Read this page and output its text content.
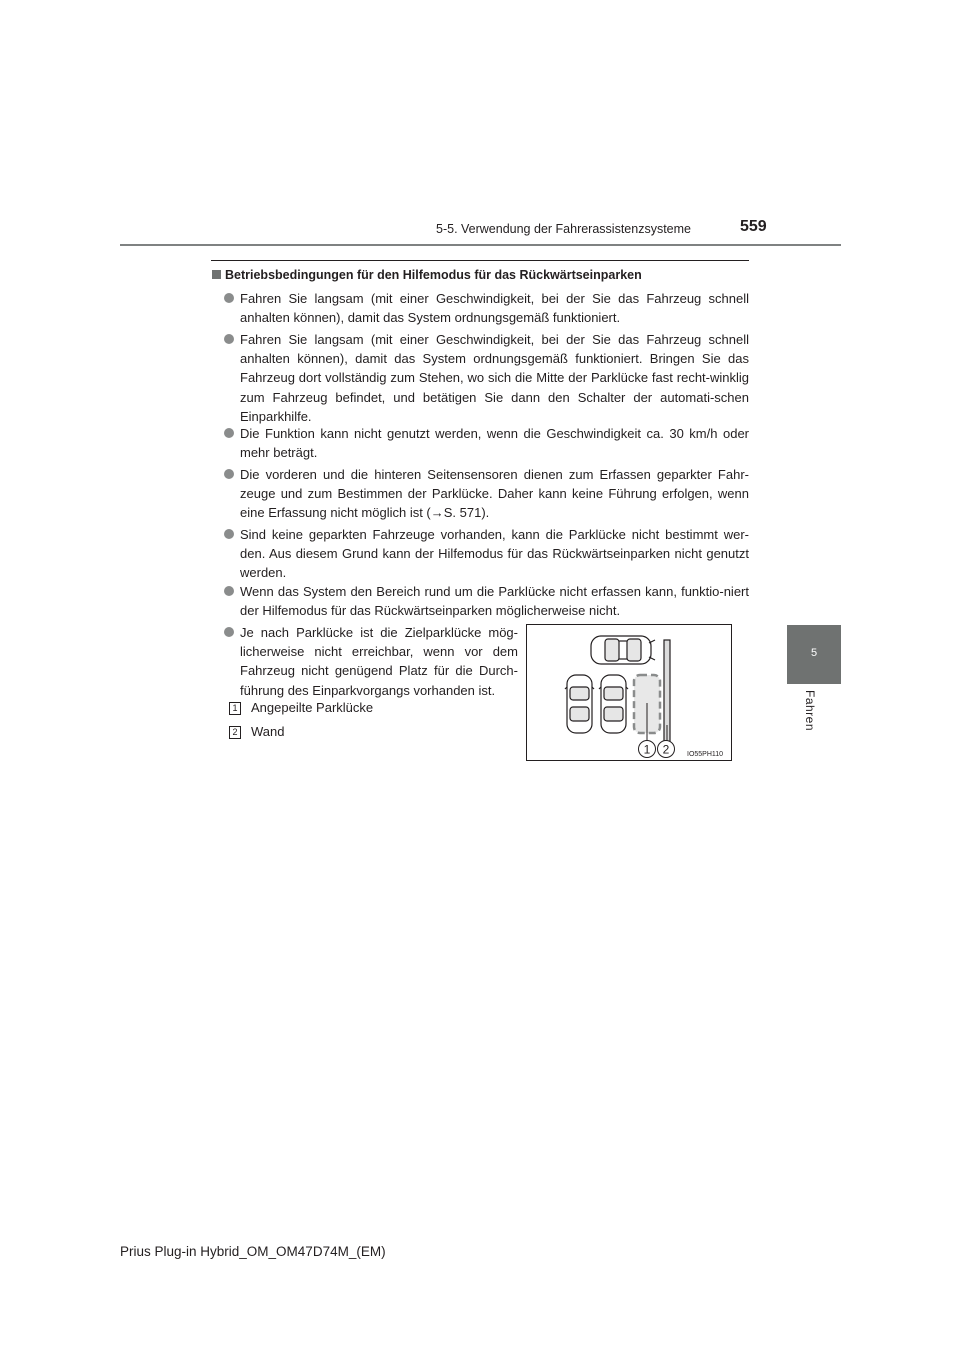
5-5. Verwendung der Fahrerassistenzsysteme	559
5
Fahren
Betriebsbedingungen für den Hilfemodus für das Rückwärtseinparken
Fahren Sie langsam (mit einer Geschwindigkeit, bei der Sie das Fahrzeug schnell anhalten können), damit das System ordnungsgemäß funktioniert.
Fahren Sie langsam (mit einer Geschwindigkeit, bei der Sie das Fahrzeug schnell anhalten können), damit das System ordnungsgemäß funktioniert. Bringen Sie das Fahrzeug dort vollständig zum Stehen, wo sich die Mitte der Parklücke fast recht-winklig zum Fahrzeug befindet, und betätigen Sie dann den Schalter der automati-schen Einparkhilfe.
Die Funktion kann nicht genutzt werden, wenn die Geschwindigkeit ca. 30 km/h oder mehr beträgt.
Die vorderen und die hinteren Seitensensoren dienen zum Erfassen geparkter Fahr-zeuge und zum Bestimmen der Parklücke. Daher kann keine Führung erfolgen, wenn eine Erfassung nicht möglich ist (→S. 571).
Sind keine geparkten Fahrzeuge vorhanden, kann die Parklücke nicht bestimmt wer-den. Aus diesem Grund kann der Hilfemodus für das Rückwärtseinparken nicht genutzt werden.
Wenn das System den Bereich rund um die Parklücke nicht erfassen kann, funktio-niert der Hilfemodus für das Rückwärtseinparken möglicherweise nicht.
Je nach Parklücke ist die Zielparklücke mög-licherweise nicht erreichbar, wenn vor dem Fahrzeug nicht genügend Platz für die Durch-führung des Einparkvorgangs vorhanden ist.
1 Angepeilte Parklücke
2 Wand
1 2	IO55PH110
Prius Plug-in Hybrid_OM_OM47D74M_(EM)
